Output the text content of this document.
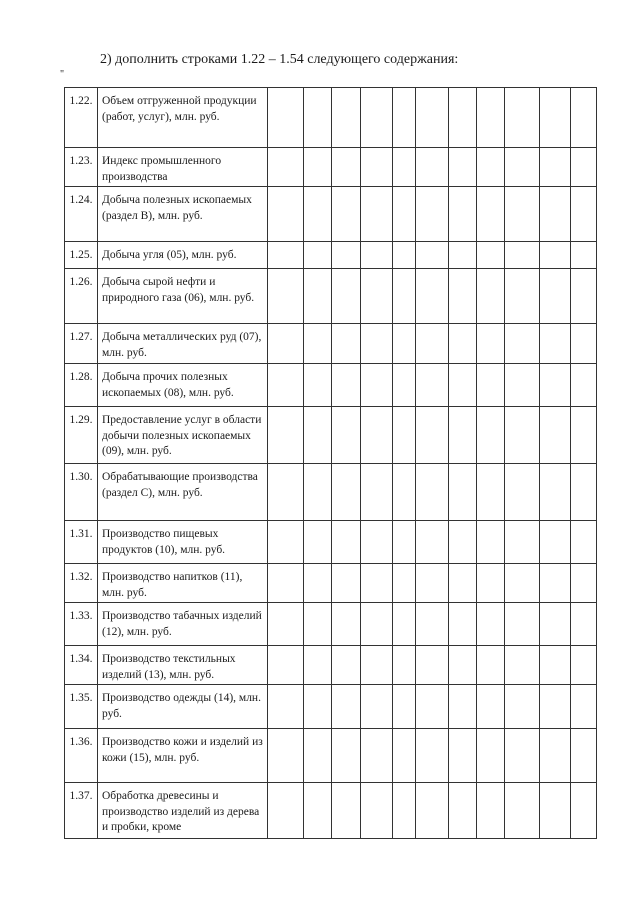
2) дополнить строками 1.22 – 1.54 следующего содержания:
"
1.22.	Объем отгруженной продукции (работ, услуг), млн. руб.											
1.23.	Индекс промышленного производства											
1.24.	Добыча полезных ископаемых (раздел B), млн. руб.											
1.25.	Добыча угля (05), млн. руб.											
1.26.	Добыча сырой нефти и природного газа (06), млн. руб.											
1.27.	Добыча металлических руд (07), млн. руб.											
1.28.	Добыча прочих полезных ископаемых (08), млн. руб.											
1.29.	Предоставление услуг в области добычи полезных ископаемых (09), млн. руб.											
1.30.	Обрабатывающие производства (раздел C), млн. руб.											
1.31.	Производство пищевых продуктов (10), млн. руб.											
1.32.	Производство напитков (11), млн. руб.											
1.33.	Производство табачных изделий (12), млн. руб.											
1.34.	Производство текстильных изделий (13), млн. руб.											
1.35.	Производство одежды (14), млн. руб.											
1.36.	Производство кожи и изделий из кожи (15), млн. руб.											
1.37.	Обработка древесины и производство изделий из дерева и пробки, кроме											
